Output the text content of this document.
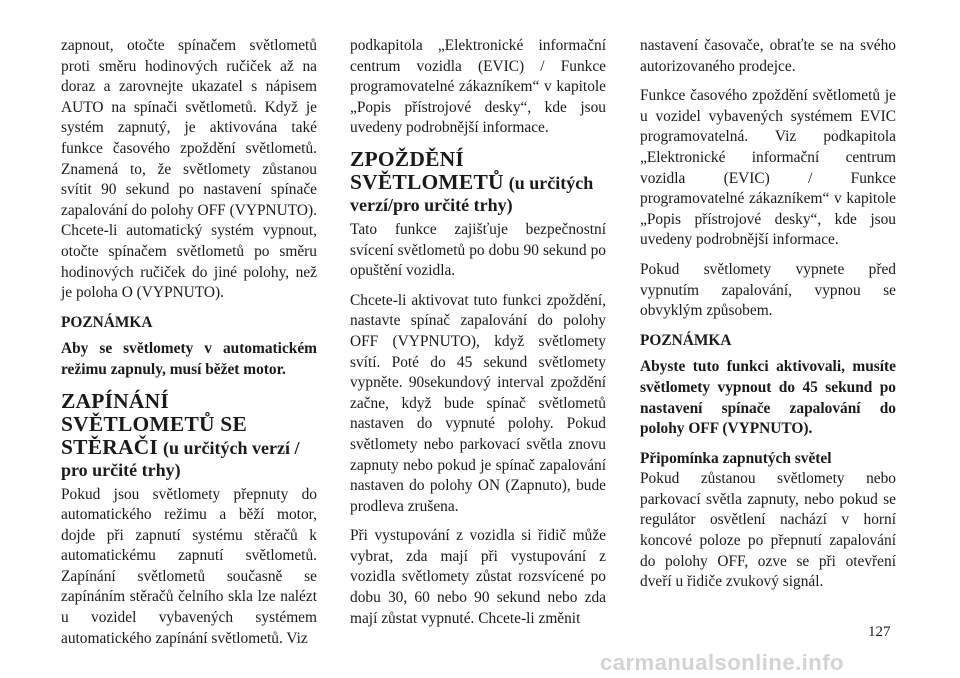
zapnout, otočte spínačem světlometů proti směru hodinových ručiček až na doraz a zarovnejte ukazatel s nápisem AUTO na spínači světlometů. Když je systém zapnutý, je aktivována také funkce časového zpoždění světlometů. Znamená to, že světlomety zůstanou svítit 90 sekund po nastavení spínače zapalování do polohy OFF (VYPNUTO). Chcete-li automatický systém vypnout, otočte spínačem světlometů po směru hodinových ručiček do jiné polohy, než je poloha O (VYPNUTO).

POZNÁMKA

Aby se světlomety v automatickém režimu zapnuly, musí běžet motor.

ZAPÍNÁNÍ SVĚTLOMETŮ SE STĚRAČI (u určitých verzí / pro určité trhy)

Pokud jsou světlomety přepnuty do automatického režimu a běží motor, dojde při zapnutí systému stěračů k automatickému zapnutí světlometů. Zapínání světlometů současně se zapínáním stěračů čelního skla lze nalézt u vozidel vybavených systémem automatického zapínání světlometů. Viz

podkapitola „Elektronické informační centrum vozidla (EVIC) / Funkce programovatelné zákazníkem“ v kapitole „Popis přístrojové desky“, kde jsou uvedeny podrobnější informace.

ZPOŽDĚNÍ SVĚTLOMETŮ (u určitých verzí/pro určité trhy)

Tato funkce zajišťuje bezpečnostní svícení světlometů po dobu 90 sekund po opuštění vozidla.

Chcete-li aktivovat tuto funkci zpoždění, nastavte spínač zapalování do polohy OFF (VYPNUTO), když světlomety svítí. Poté do 45 sekund světlomety vypněte. 90sekundový interval zpoždění začne, když bude spínač světlometů nastaven do vypnuté polohy. Pokud světlomety nebo parkovací světla znovu zapnuty nebo pokud je spínač zapalování nastaven do polohy ON (Zapnuto), bude prodleva zrušena.

Při vystupování z vozidla si řidič může vybrat, zda mají při vystupování z vozidla světlomety zůstat rozsvícené po dobu 30, 60 nebo 90 sekund nebo zda mají zůstat vypnuté. Chcete-li změnit

nastavení časovače, obraťte se na svého autorizovaného prodejce.

Funkce časového zpoždění světlometů je u vozidel vybavených systémem EVIC programovatelná. Viz podkapitola „Elektronické informační centrum vozidla (EVIC) / Funkce programovatelné zákazníkem“ v kapitole „Popis přístrojové desky“, kde jsou uvedeny podrobnější informace.

Pokud světlomety vypnete před vypnutím zapalování, vypnou se obvyklým způsobem.

POZNÁMKA

Abyste tuto funkci aktivovali, musíte světlomety vypnout do 45 sekund po nastavení spínače zapalování do polohy OFF (VYPNUTO).

Připomínka zapnutých světel

Pokud zůstanou světlomety nebo parkovací světla zapnuty, nebo pokud se regulátor osvětlení nachází v horní koncové poloze po přepnutí zapalování do polohy OFF, ozve se při otevření dveří u řidiče zvukový signál.

127
carmanualsonline.info
